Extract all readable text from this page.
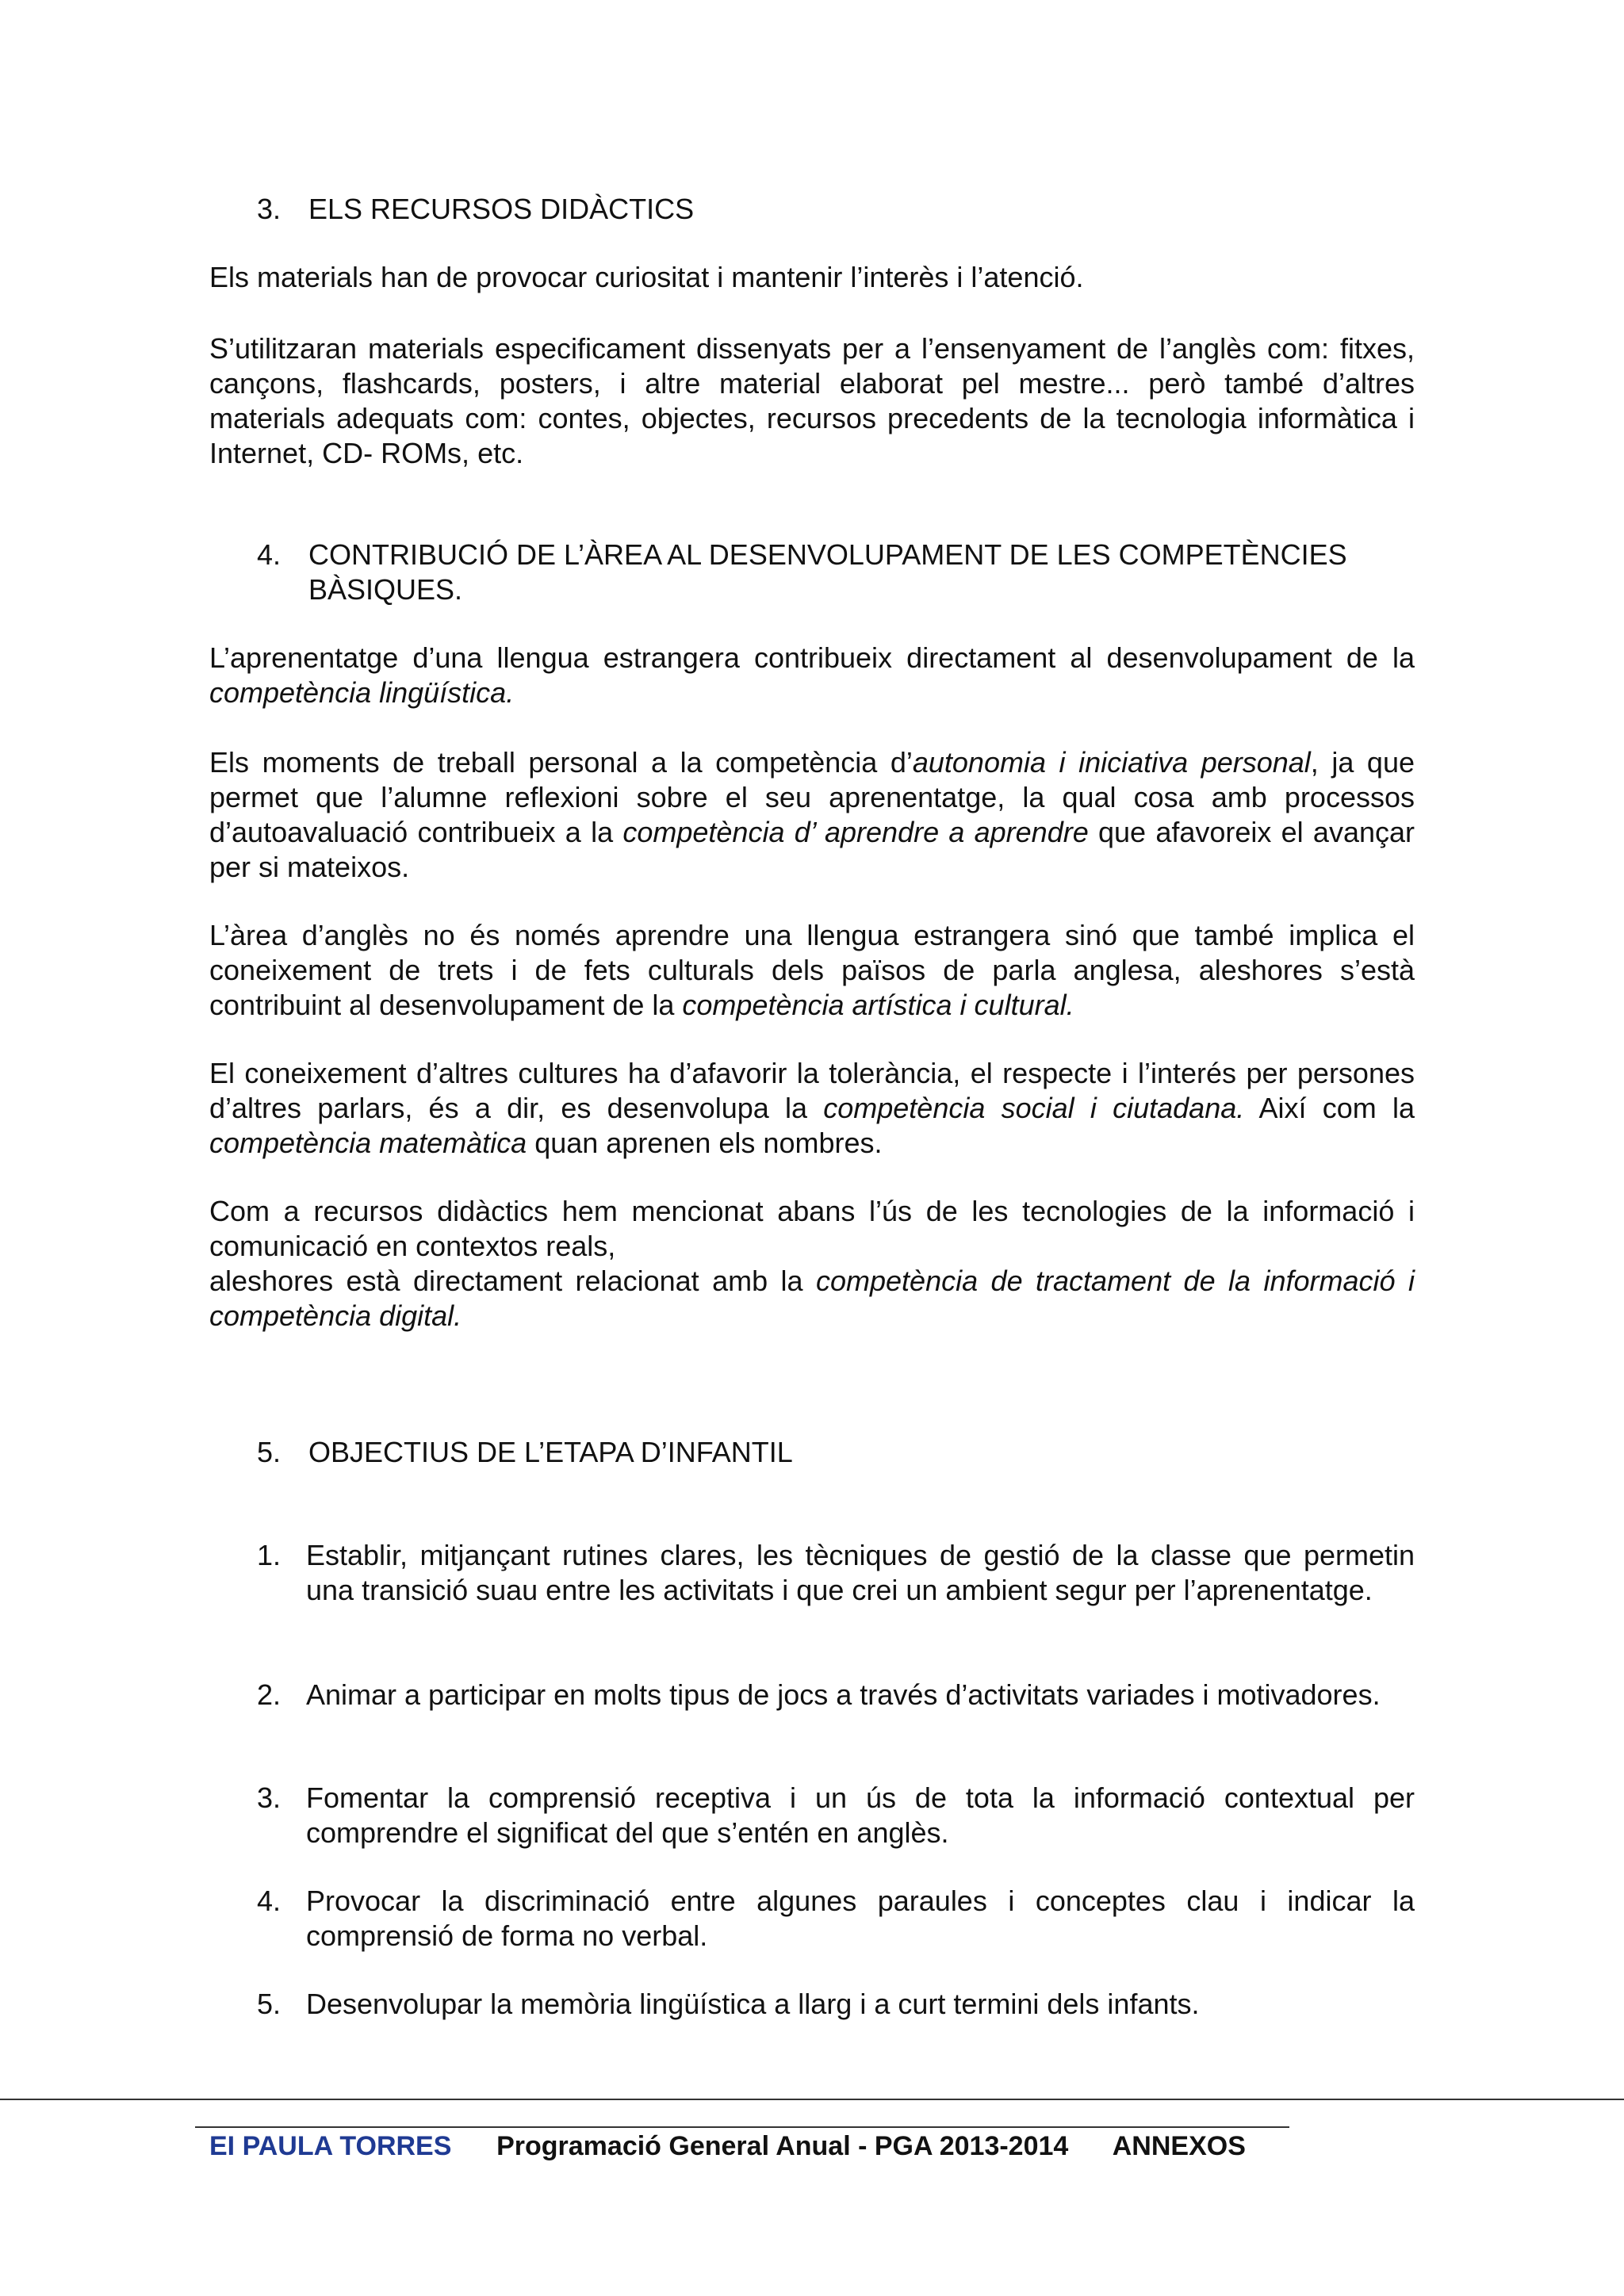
3. ELS RECURSOS DIDÀCTICS

Els materials han de provocar curiositat i mantenir l’interès i l’atenció.

S’utilitzaran materials especificament dissenyats per a l’ensenyament de l’anglès com: fitxes, cançons, flashcards, posters, i altre material elaborat pel mestre... però també d’altres materials adequats com: contes, objectes, recursos precedents de la tecnologia informàtica i Internet, CD- ROMs, etc.

4. CONTRIBUCIÓ DE L’ÀREA AL DESENVOLUPAMENT DE LES COMPETÈNCIES BÀSIQUES.

L’aprenentatge d’una llengua estrangera contribueix directament al desenvolupament de la competència lingüística.

Els moments de treball personal a la competència d’autonomia i iniciativa personal, ja que permet que l’alumne reflexioni sobre el seu aprenentatge, la qual cosa amb processos d’autoavaluació contribueix a la competència d’ aprendre a aprendre que afavoreix el avançar per si mateixos.

L’àrea d’anglès no és només aprendre una llengua estrangera sinó que també implica el coneixement de trets i de fets culturals dels països de parla anglesa, aleshores s’està contribuint al desenvolupament de la competència artística i cultural.

El coneixement d’altres cultures ha d’afavorir la tolerància, el respecte i l’interés per persones d’altres parlars, és a dir, es desenvolupa la competència social i ciutadana. Així com la competència matemàtica quan aprenen els nombres.

Com a recursos didàctics hem mencionat abans l’ús de les tecnologies de la informació i comunicació en contextos reals,
aleshores està directament relacionat amb la competència de tractament de la informació i competència digital.

5. OBJECTIUS DE L’ETAPA D’INFANTIL
1. Establir, mitjançant rutines clares, les tècniques de gestió de la classe que permetin una transició suau entre les activitats i que crei un ambient segur per l’aprenentatge.
2. Animar a participar en molts tipus de jocs a través d’activitats variades i motivadores.
3. Fomentar la comprensió receptiva i un ús de tota la informació contextual per comprendre el significat del que s’entén en anglès.
4. Provocar la discriminació entre algunes paraules i conceptes clau i indicar la comprensió de forma no verbal.
5. Desenvolupar la memòria lingüística a llarg i a curt termini dels infants.
EI PAULA TORRES Programació General Anual - PGA 2013-2014 ANNEXOS
